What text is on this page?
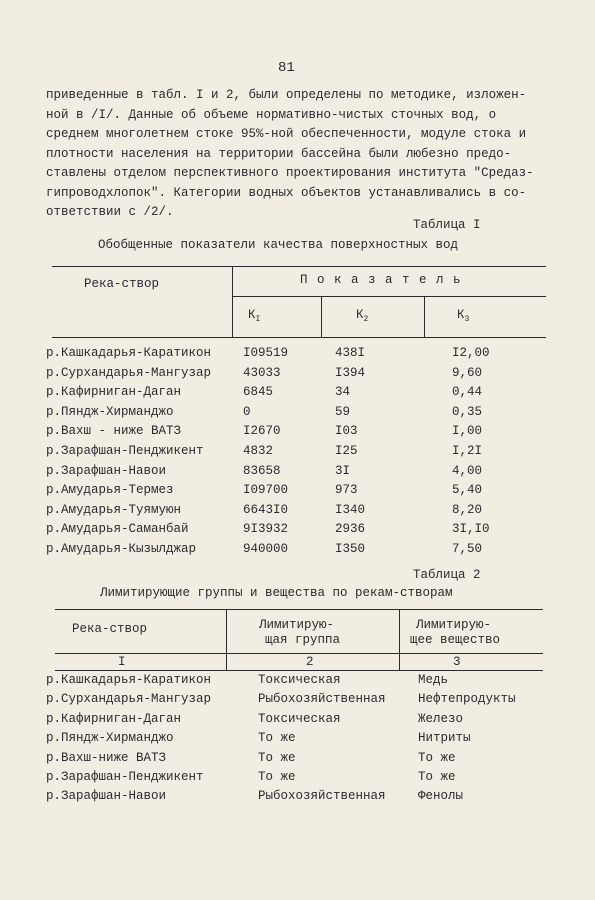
81
приведенные в табл. I и 2, были определены по методике, изложен-
ной в /I/. Данные об объеме нормативно-чистых сточных вод, о
среднем многолетнем стоке 95%-ной обеспеченности, модуле стока и
плотности населения на территории бассейна были любезно предо-
ставлены отделом перспективного проектирования института "Средаз-
гипроводхлопок". Категории водных объектов устанавливались в со-
ответствии с /2/.
Таблица I
Обобщенные показатели качества поверхностных вод
Река-створ	П о к а з а т е л ь
$К_I$	$К_2$	$К_3$
р.Кашкадарья-Каратикон	I09519	438I	I2,00
р.Сурхандарья-Мангузар	43033	I394	9,60
р.Кафирниган-Даган	6845	34	0,44
р.Пяндж-Хирманджо	0	59	0,35
р.Вахш - ниже ВАТЗ	I2670	I03	I,00
р.Зарафшан-Пенджикент	4832	I25	I,2I
р.Зарафшан-Навои	83658	3I	4,00
р.Амударья-Термез	I09700	973	5,40
р.Амударья-Туямуюн	6643I0	I340	8,20
р.Амударья-Саманбай	9I3932	2936	3I,I0
р.Амударья-Кызылджар	940000	I350	7,50
Таблица 2
Лимитирующие группы и вещества по рекам-створам
Река-створ	Лимитирую-
щая группа
Лимитирую-
щее вещество
I	2	3
р.Кашкадарья-Каратикон	Токсическая	Медь
р.Сурхандарья-Мангузар	Рыбохозяйственная	Нефтепродукты
р.Кафирниган-Даган	Токсическая	Железо
р.Пяндж-Хирманджо	То же	Нитриты
р.Вахш-ниже ВАТЗ	То же	То же
р.Зарафшан-Пенджикент	То же	То же
р.Зарафшан-Навои	Рыбохозяйственная	Фенолы
